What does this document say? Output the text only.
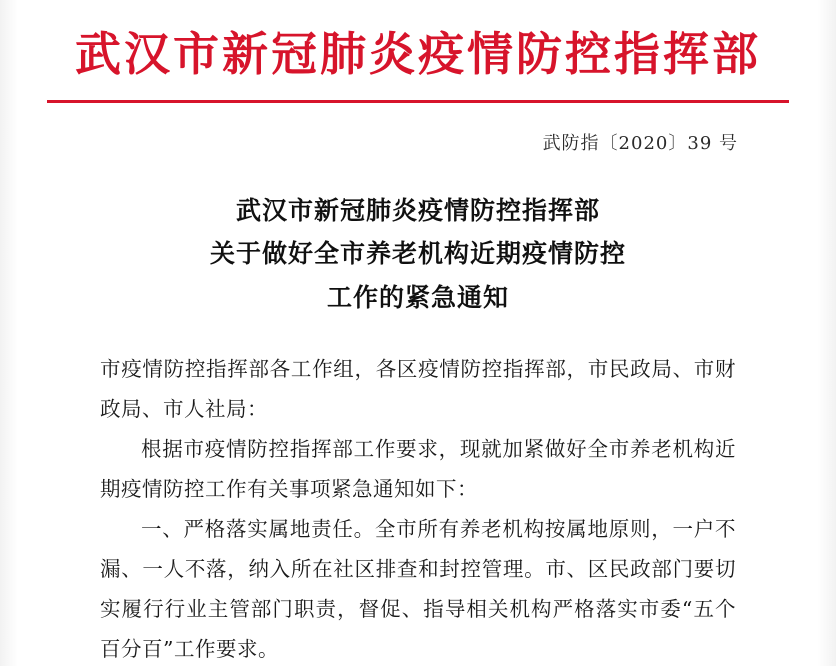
武汉市新冠肺炎疫情防控指挥部
武防指〔2020〕39 号
武汉市新冠肺炎疫情防控指挥部
关于做好全市养老机构近期疫情防控
工作的紧急通知

市疫情防控指挥部各工作组，各区疫情防控指挥部，市民政局、市财政局、市人社局：

根据市疫情防控指挥部工作要求，现就加紧做好全市养老机构近期疫情防控工作有关事项紧急通知如下：

一、严格落实属地责任。全市所有养老机构按属地原则，一户不漏、一人不落，纳入所在社区排查和封控管理。市、区民政部门要切实履行行业主管部门职责，督促、指导相关机构严格落实市委“五个百分百”工作要求。
